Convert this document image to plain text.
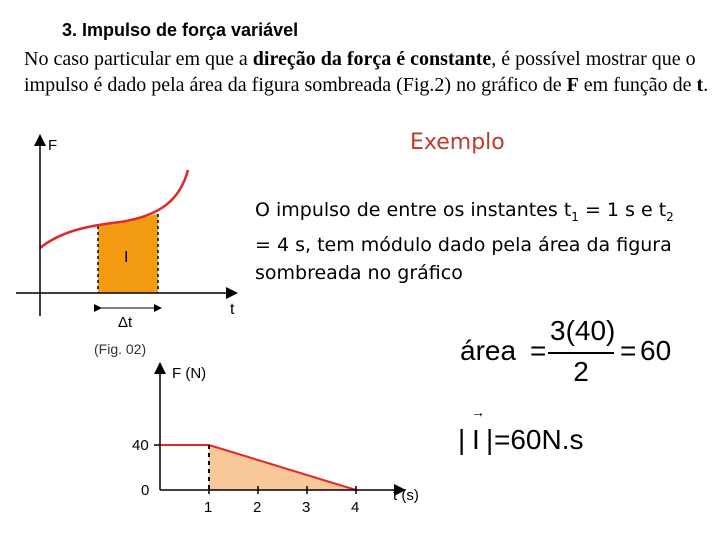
3. Impulso de força variável
No caso particular em que a direção da força é constante, é possível mostrar que o impulso é dado pela área da figura sombreada (Fig.2) no gráfico de F em função de t.
Exemplo
O impulso de entre os instantes $t_1 = 1$ s e $t_2 = 4$ s, tem módulo dado pela área da figura sombreada no gráfico
F
t
I
Δt
(Fig. 02)
1	2	3	4
0
40
F (N)
t (s)
área =
3(40)
2
= 60
|
→
I | =60N.s
